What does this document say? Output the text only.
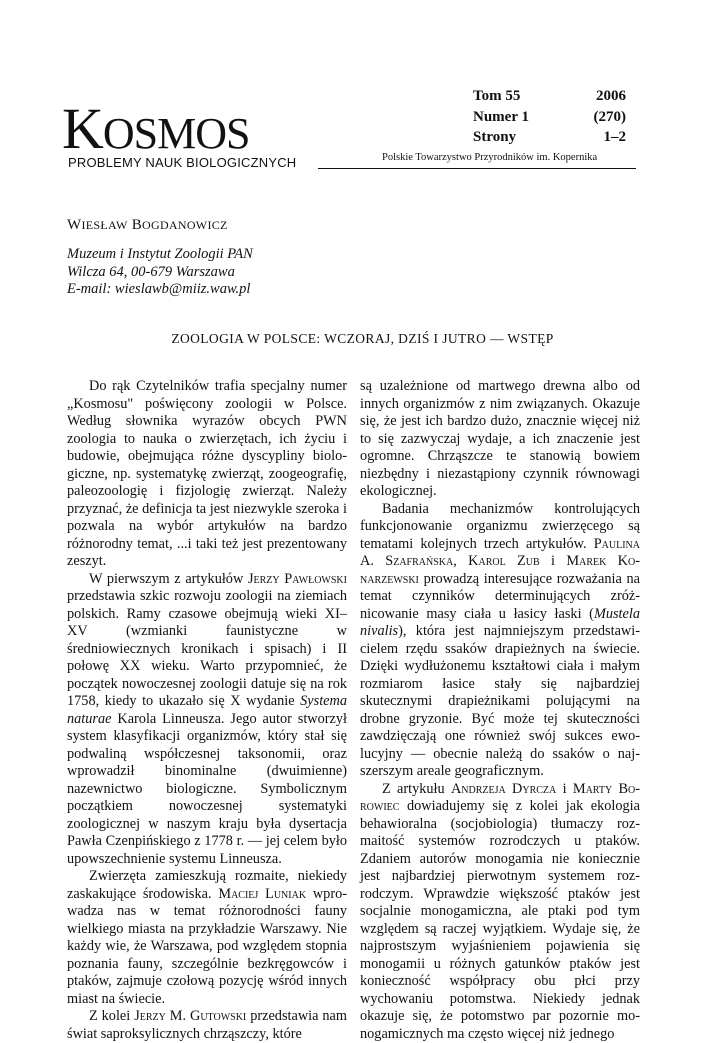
KOSMOS
PROBLEMY NAUK BIOLOGICZNYCH	Polskie Towarzystwo Przyrodników im. Kopernika
Tom 55	2006
Numer 1	(270)
Strony	1–2
WIESŁAW BOGDANOWICZ
Muzeum i Instytut Zoologii PAN
Wilcza 64, 00-679 Warszawa
E-mail: wieslawb@miiz.waw.pl
ZOOLOGIA W POLSCE: WCZORAJ, DZIŚ I JUTRO — WSTĘP

Do rąk Czytelników trafia specjalny numer „Kosmosu" poświęcony zoologii w Polsce. Według słownika wyrazów obcych PWN zoologia to nauka o zwierzętach, ich życiu i budowie, obejmująca różne dyscypliny biologiczne, np. systematykę zwierząt, zoogeografię, paleozoologię i fizjologię zwierząt. Należy przyznać, że definicja ta jest niezwykle szeroka i pozwala na wybór artykułów na bardzo różnorodny temat, ...i taki też jest prezentowany zeszyt.

W pierwszym z artykułów Jerzy Pawłowski przedstawia szkic rozwoju zoologii na ziemiach polskich. Ramy czasowe obejmują wieki XI–XV (wzmianki faunistyczne w średniowiecznych kronikach i spisach) i II połowę XX wieku. Warto przypomnieć, że początek nowoczesnej zoologii datuje się na rok 1758, kiedy to ukazało się X wydanie Systema naturae Karola Linneusza. Jego autor stworzył system klasyfikacji organizmów, który stał się podwaliną współczesnej taksonomii, oraz wprowadził binominalne (dwuimienne) nazewnictwo biologiczne. Symbolicznym początkiem nowoczesnej systematyki zoologicznej w naszym kraju była dysertacja Pawła Czenpińskiego z 1778 r. — jej celem było upowszechnienie systemu Linneusza.

Zwierzęta zamieszkują rozmaite, niekiedy zaskakujące środowiska. Maciej Luniak wprowadza nas w temat różnorodności fauny wielkiego miasta na przykładzie Warszawy. Nie każdy wie, że Warszawa, pod względem stopnia poznania fauny, szczególnie bezkręgowców i ptaków, zajmuje czołową pozycję wśród innych miast na świecie.

Z kolei Jerzy M. Gutowski przedstawia nam świat saproksylicznych chrząszczy, które

są uzależnione od martwego drewna albo od innych organizmów z nim związanych. Okazuje się, że jest ich bardzo dużo, znacznie więcej niż to się zazwyczaj wydaje, a ich znaczenie jest ogromne. Chrząszcze te stanowią bowiem niezbędny i niezastąpiony czynnik równowagi ekologicznej.

Badania mechanizmów kontrolujących funkcjonowanie organizmu zwierzęcego są tematami kolejnych trzech artykułów. Paulina A. Szafrańska, Karol Zub i Marek Konarzewski prowadzą interesujące rozważania na temat czynników determinujących zróżnicowanie masy ciała u łasicy łaski (Mustela nivalis), która jest najmniejszym przedstawicielem rzędu ssaków drapieżnych na świecie. Dzięki wydłużonemu kształtowi ciała i małym rozmiarom łasice stały się najbardziej skutecznymi drapieżnikami polującymi na drobne gryzonie. Być może tej skuteczności zawdzięczają one również swój sukces ewolucyjny — obecnie należą do ssaków o najszerszym areale geograficznym.

Z artykułu Andrzeja Dyrcza i Marty Borowiec dowiadujemy się z kolei jak ekologia behawioralna (socjobiologia) tłumaczy rozmaitość systemów rozrodczych u ptaków. Zdaniem autorów monogamia nie koniecznie jest najbardziej pierwotnym systemem rozrodczym. Wprawdzie większość ptaków jest socjalnie monogamiczna, ale ptaki pod tym względem są raczej wyjątkiem. Wydaje się, że najprostszym wyjaśnieniem pojawienia się monogamii u różnych gatunków ptaków jest konieczność współpracy obu płci przy wychowaniu potomstwa. Niekiedy jednak okazuje się, że potomstwo par pozornie monogamicznych ma często więcej niż jednego
